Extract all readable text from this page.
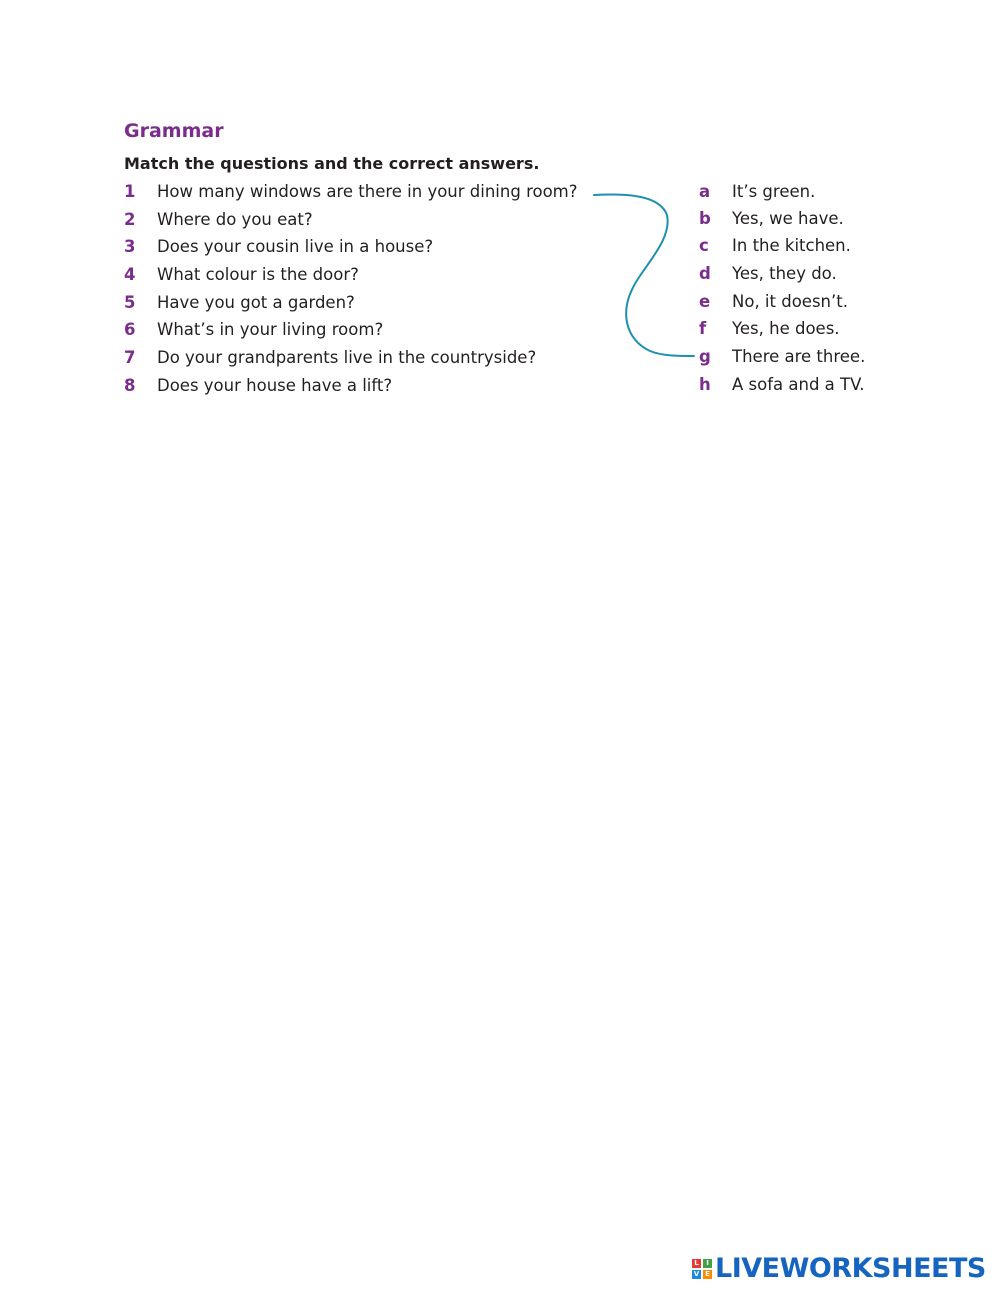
Grammar

Match the questions and the correct answers.

1 How many windows are there in your dining room?
2 Where do you eat?
3 Does your cousin live in a house?
4 What colour is the door?
5 Have you got a garden?
6 What’s in your living room?
7 Do your grandparents live in the countryside?
8 Does your house have a lift?
a It’s green.
b Yes, we have.
c In the kitchen.
d Yes, they do.
e No, it doesn’t.
f Yes, he does.
g There are three.
h A sofa and a TV.
L	I
V E LIVEWORKSHEETS
